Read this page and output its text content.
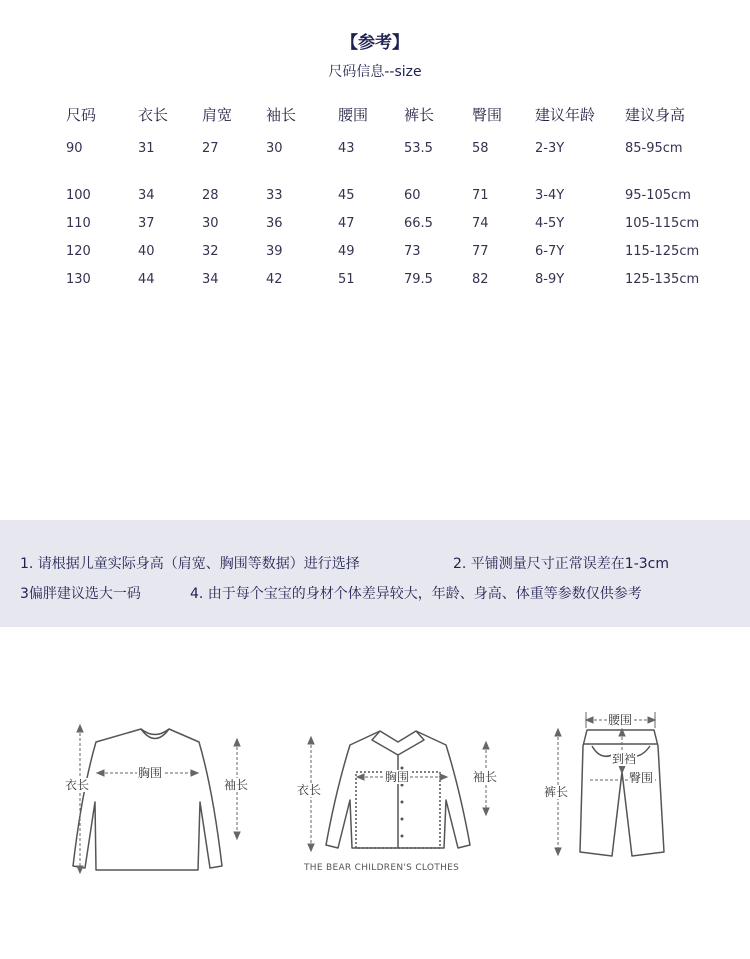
【参考】
尺码信息--size
尺码	衣长	肩宽	袖长	腰围	裤长	臀围	建议年龄	建议身高
90	31	27	30	43	53.5	58	2-3Y	85-95cm
100	34	28	33	45	60	71	3-4Y	95-105cm
110	37	30	36	47	66.5	74	4-5Y	105-115cm
120	40	32	39	49	73	77	6-7Y	115-125cm
130	44	34	42	51	79.5	82	8-9Y	125-135cm
1. 请根据儿童实际身高（肩宽、胸围等数据）进行选择	2. 平铺测量尺寸正常误差在1-3cm
3偏胖建议选大一码	4. 由于每个宝宝的身材个体差异较大，年龄、身高、体重等参数仅供参考
衣长
胸围
袖长	衣长
胸围	袖长
腰围
裤长
到裆
臀围
THE BEAR CHILDREN'S CLOTHES
